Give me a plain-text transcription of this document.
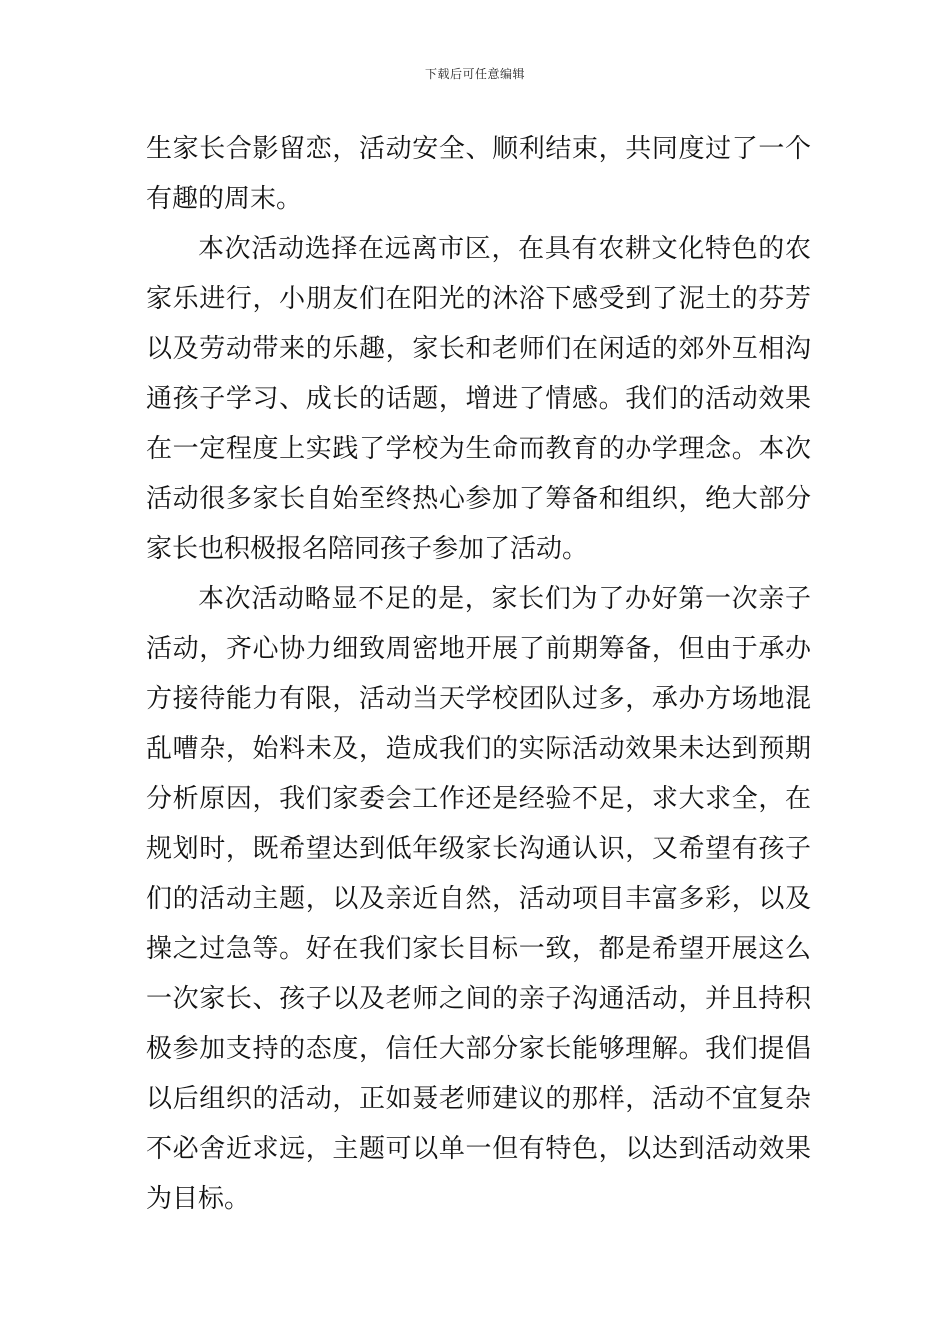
下载后可任意编辑
生家长合影留恋，活动安全、顺利结束，共同度过了一个
有趣的周末。
本次活动选择在远离市区，在具有农耕文化特色的农
家乐进行，小朋友们在阳光的沐浴下感受到了泥土的芬芳
以及劳动带来的乐趣，家长和老师们在闲适的郊外互相沟
通孩子学习、成长的话题，增进了情感。我们的活动效果
在一定程度上实践了学校为生命而教育的办学理念。本次
活动很多家长自始至终热心参加了筹备和组织，绝大部分
家长也积极报名陪同孩子参加了活动。
本次活动略显不足的是，家长们为了办好第一次亲子
活动，齐心协力细致周密地开展了前期筹备，但由于承办
方接待能力有限，活动当天学校团队过多，承办方场地混
乱嘈杂，始料未及，造成我们的实际活动效果未达到预期
分析原因，我们家委会工作还是经验不足，求大求全，在
规划时，既希望达到低年级家长沟通认识，又希望有孩子
们的活动主题，以及亲近自然，活动项目丰富多彩，以及
操之过急等。好在我们家长目标一致，都是希望开展这么
一次家长、孩子以及老师之间的亲子沟通活动，并且持积
极参加支持的态度，信任大部分家长能够理解。我们提倡
以后组织的活动，正如聂老师建议的那样，活动不宜复杂
不必舍近求远，主题可以单一但有特色，以达到活动效果
为目标。
